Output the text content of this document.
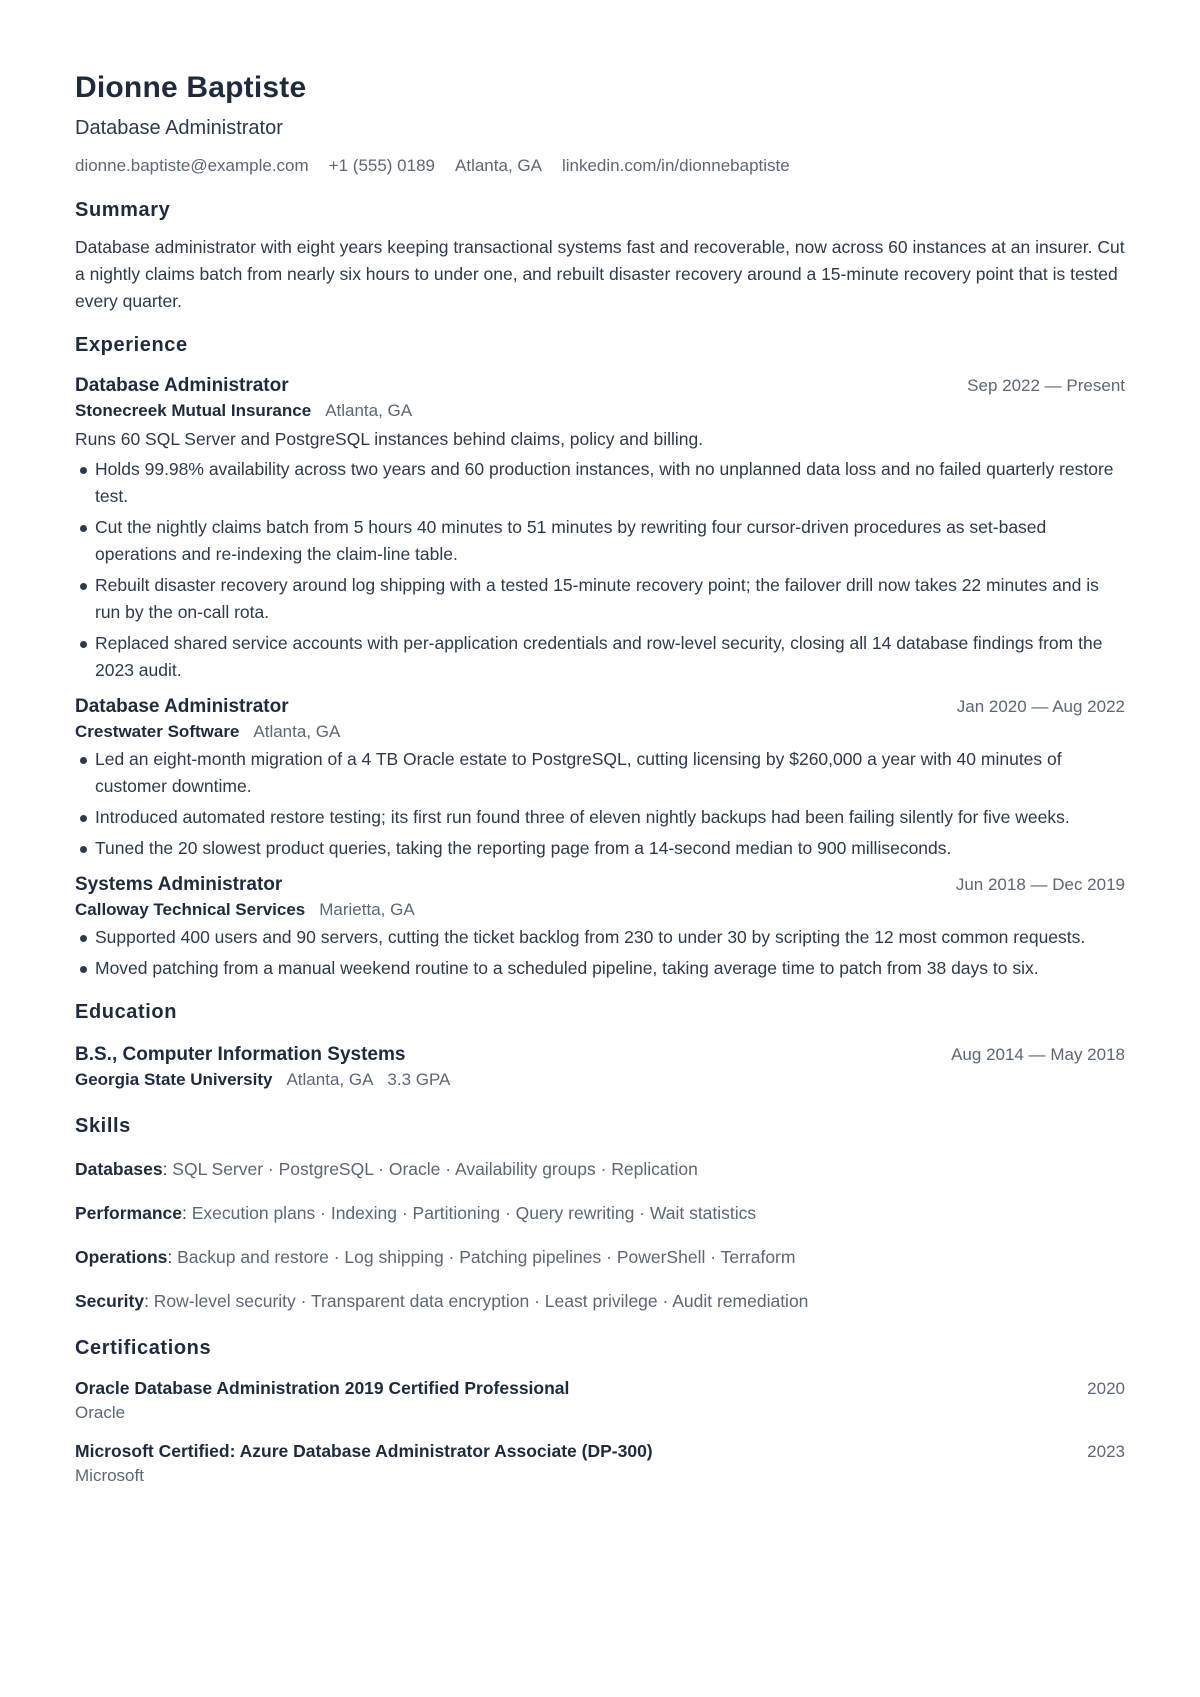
Dionne Baptiste
Database Administrator
dionne.baptiste@example.com +1 (555) 0189 Atlanta, GA linkedin.com/in/dionnebaptiste
Summary
Database administrator with eight years keeping transactional systems fast and recoverable, now across 60 instances at an insurer. Cut a nightly claims batch from nearly six hours to under one, and rebuilt disaster recovery around a 15-minute recovery point that is tested every quarter.
Experience
Database Administrator	Sep 2022 — Present
Stonecreek Mutual Insurance Atlanta, GA
Runs 60 SQL Server and PostgreSQL instances behind claims, policy and billing.
Holds 99.98% availability across two years and 60 production instances, with no unplanned data loss and no failed quarterly restore test.
Cut the nightly claims batch from 5 hours 40 minutes to 51 minutes by rewriting four cursor-driven procedures as set-based operations and re-indexing the claim-line table.
Rebuilt disaster recovery around log shipping with a tested 15-minute recovery point; the failover drill now takes 22 minutes and is run by the on-call rota.
Replaced shared service accounts with per-application credentials and row-level security, closing all 14 database findings from the 2023 audit.
Database Administrator	Jan 2020 — Aug 2022
Crestwater Software Atlanta, GA
Led an eight-month migration of a 4 TB Oracle estate to PostgreSQL, cutting licensing by $260,000 a year with 40 minutes of customer downtime.
Introduced automated restore testing; its first run found three of eleven nightly backups had been failing silently for five weeks.
Tuned the 20 slowest product queries, taking the reporting page from a 14-second median to 900 milliseconds.
Systems Administrator	Jun 2018 — Dec 2019
Calloway Technical Services Marietta, GA
Supported 400 users and 90 servers, cutting the ticket backlog from 230 to under 30 by scripting the 12 most common requests.
Moved patching from a manual weekend routine to a scheduled pipeline, taking average time to patch from 38 days to six.
Education
B.S., Computer Information Systems	Aug 2014 — May 2018
Georgia State University Atlanta, GA 3.3 GPA
Skills
Databases: SQL Server · PostgreSQL · Oracle · Availability groups · Replication
Performance: Execution plans · Indexing · Partitioning · Query rewriting · Wait statistics
Operations: Backup and restore · Log shipping · Patching pipelines · PowerShell · Terraform
Security: Row-level security · Transparent data encryption · Least privilege · Audit remediation
Certifications
Oracle Database Administration 2019 Certified Professional	2020
Oracle
Microsoft Certified: Azure Database Administrator Associate (DP-300)	2023
Microsoft
